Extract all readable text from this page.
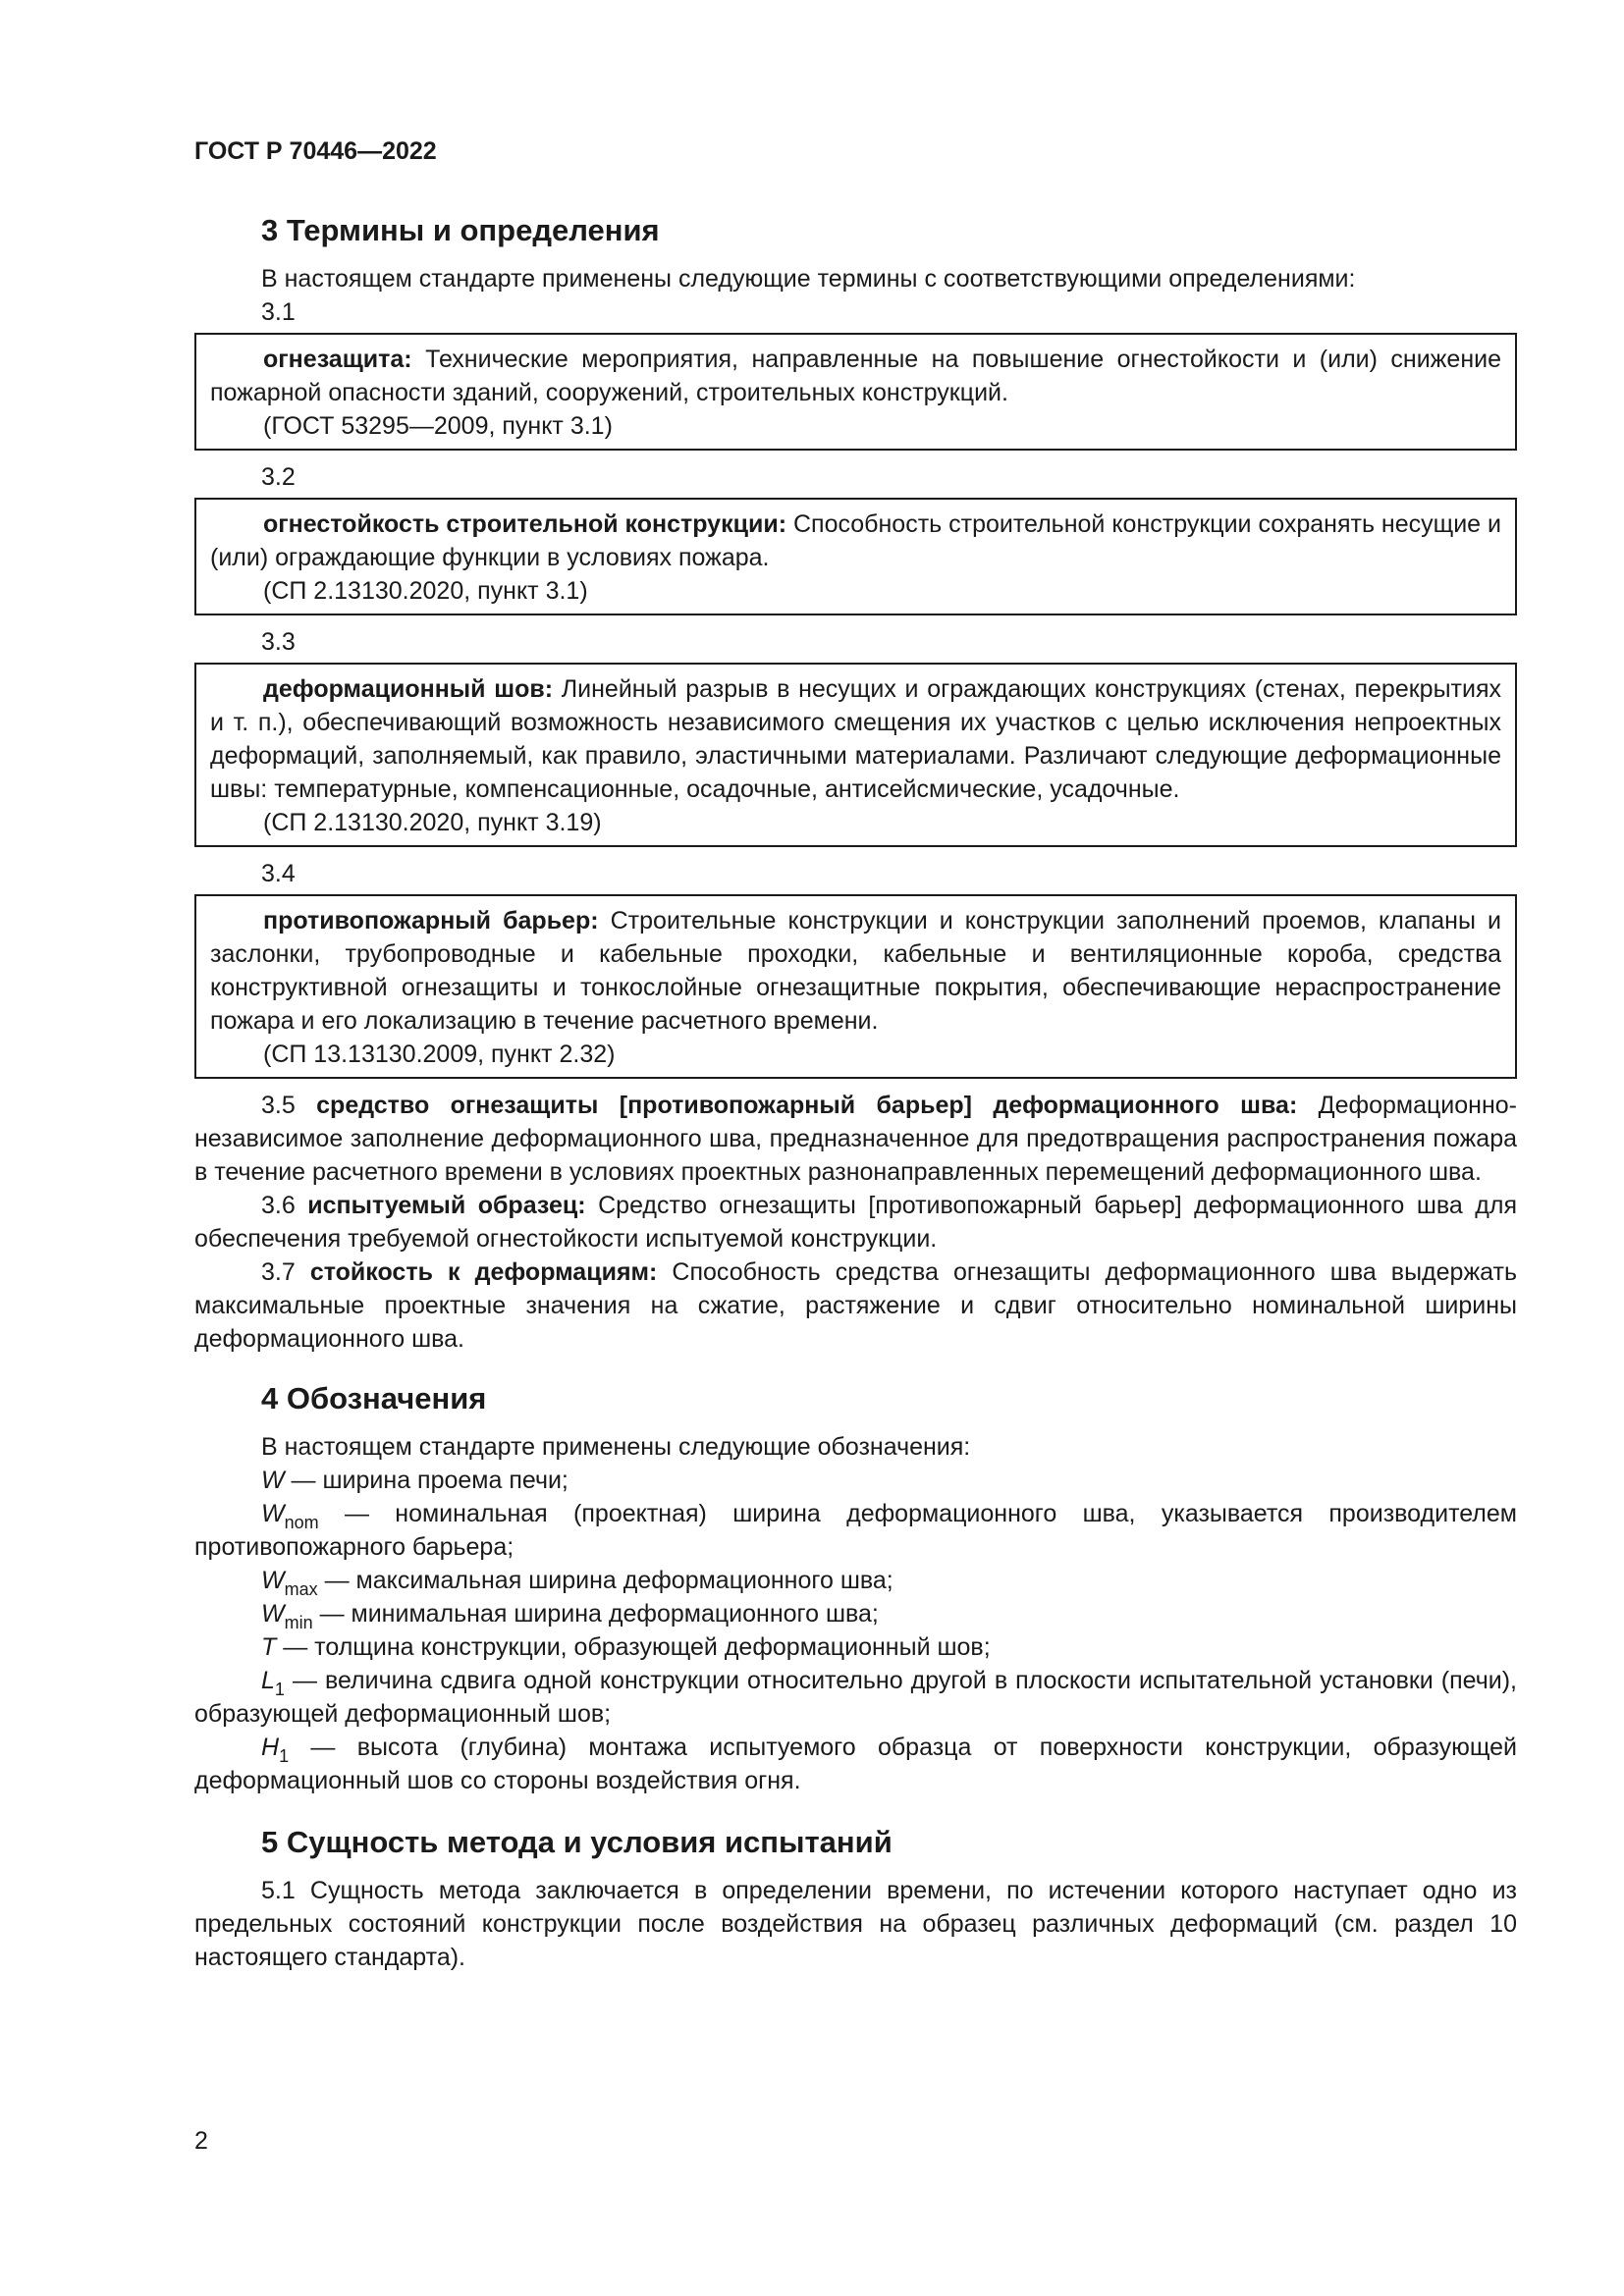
ГОСТ Р 70446—2022
3 Термины и определения

В настоящем стандарте применены следующие термины с соответствующими определениями:

3.1

огнезащита: Технические мероприятия, направленные на повышение огнестойкости и (или) снижение пожарной опасности зданий, сооружений, строительных конструкций.

(ГОСТ 53295—2009, пункт 3.1)

3.2

огнестойкость строительной конструкции: Способность строительной конструкции сохранять несущие и (или) ограждающие функции в условиях пожара.

(СП 2.13130.2020, пункт 3.1)

3.3

деформационный шов: Линейный разрыв в несущих и ограждающих конструкциях (стенах, перекрытиях и т. п.), обеспечивающий возможность независимого смещения их участков с целью исключения непроектных деформаций, заполняемый, как правило, эластичными материалами. Различают следующие деформационные швы: температурные, компенсационные, осадочные, антисейсмические, усадочные.

(СП 2.13130.2020, пункт 3.19)

3.4

противопожарный барьер: Строительные конструкции и конструкции заполнений проемов, клапаны и заслонки, трубопроводные и кабельные проходки, кабельные и вентиляционные короба, средства конструктивной огнезащиты и тонкослойные огнезащитные покрытия, обеспечивающие нераспространение пожара и его локализацию в течение расчетного времени.

(СП 13.13130.2009, пункт 2.32)

3.5 средство огнезащиты [противопожарный барьер] деформационного шва: Деформационно-независимое заполнение деформационного шва, предназначенное для предотвращения распространения пожара в течение расчетного времени в условиях проектных разнонаправленных перемещений деформационного шва.

3.6 испытуемый образец: Средство огнезащиты [противопожарный барьер] деформационного шва для обеспечения требуемой огнестойкости испытуемой конструкции.

3.7 стойкость к деформациям: Способность средства огнезащиты деформационного шва выдержать максимальные проектные значения на сжатие, растяжение и сдвиг относительно номинальной ширины деформационного шва.

4 Обозначения

В настоящем стандарте применены следующие обозначения:

W — ширина проема печи;

$W_{nom}$ — номинальная (проектная) ширина деформационного шва, указывается производителем противопожарного барьера;

$W_{max}$ — максимальная ширина деформационного шва;

$W_{min}$ — минимальная ширина деформационного шва;

T — толщина конструкции, образующей деформационный шов;

$L_1$ — величина сдвига одной конструкции относительно другой в плоскости испытательной установки (печи), образующей деформационный шов;

$H_1$ — высота (глубина) монтажа испытуемого образца от поверхности конструкции, образующей деформационный шов со стороны воздействия огня.

5 Сущность метода и условия испытаний

5.1 Сущность метода заключается в определении времени, по истечении которого наступает одно из предельных состояний конструкции после воздействия на образец различных деформаций (см. раздел 10 настоящего стандарта).

2
